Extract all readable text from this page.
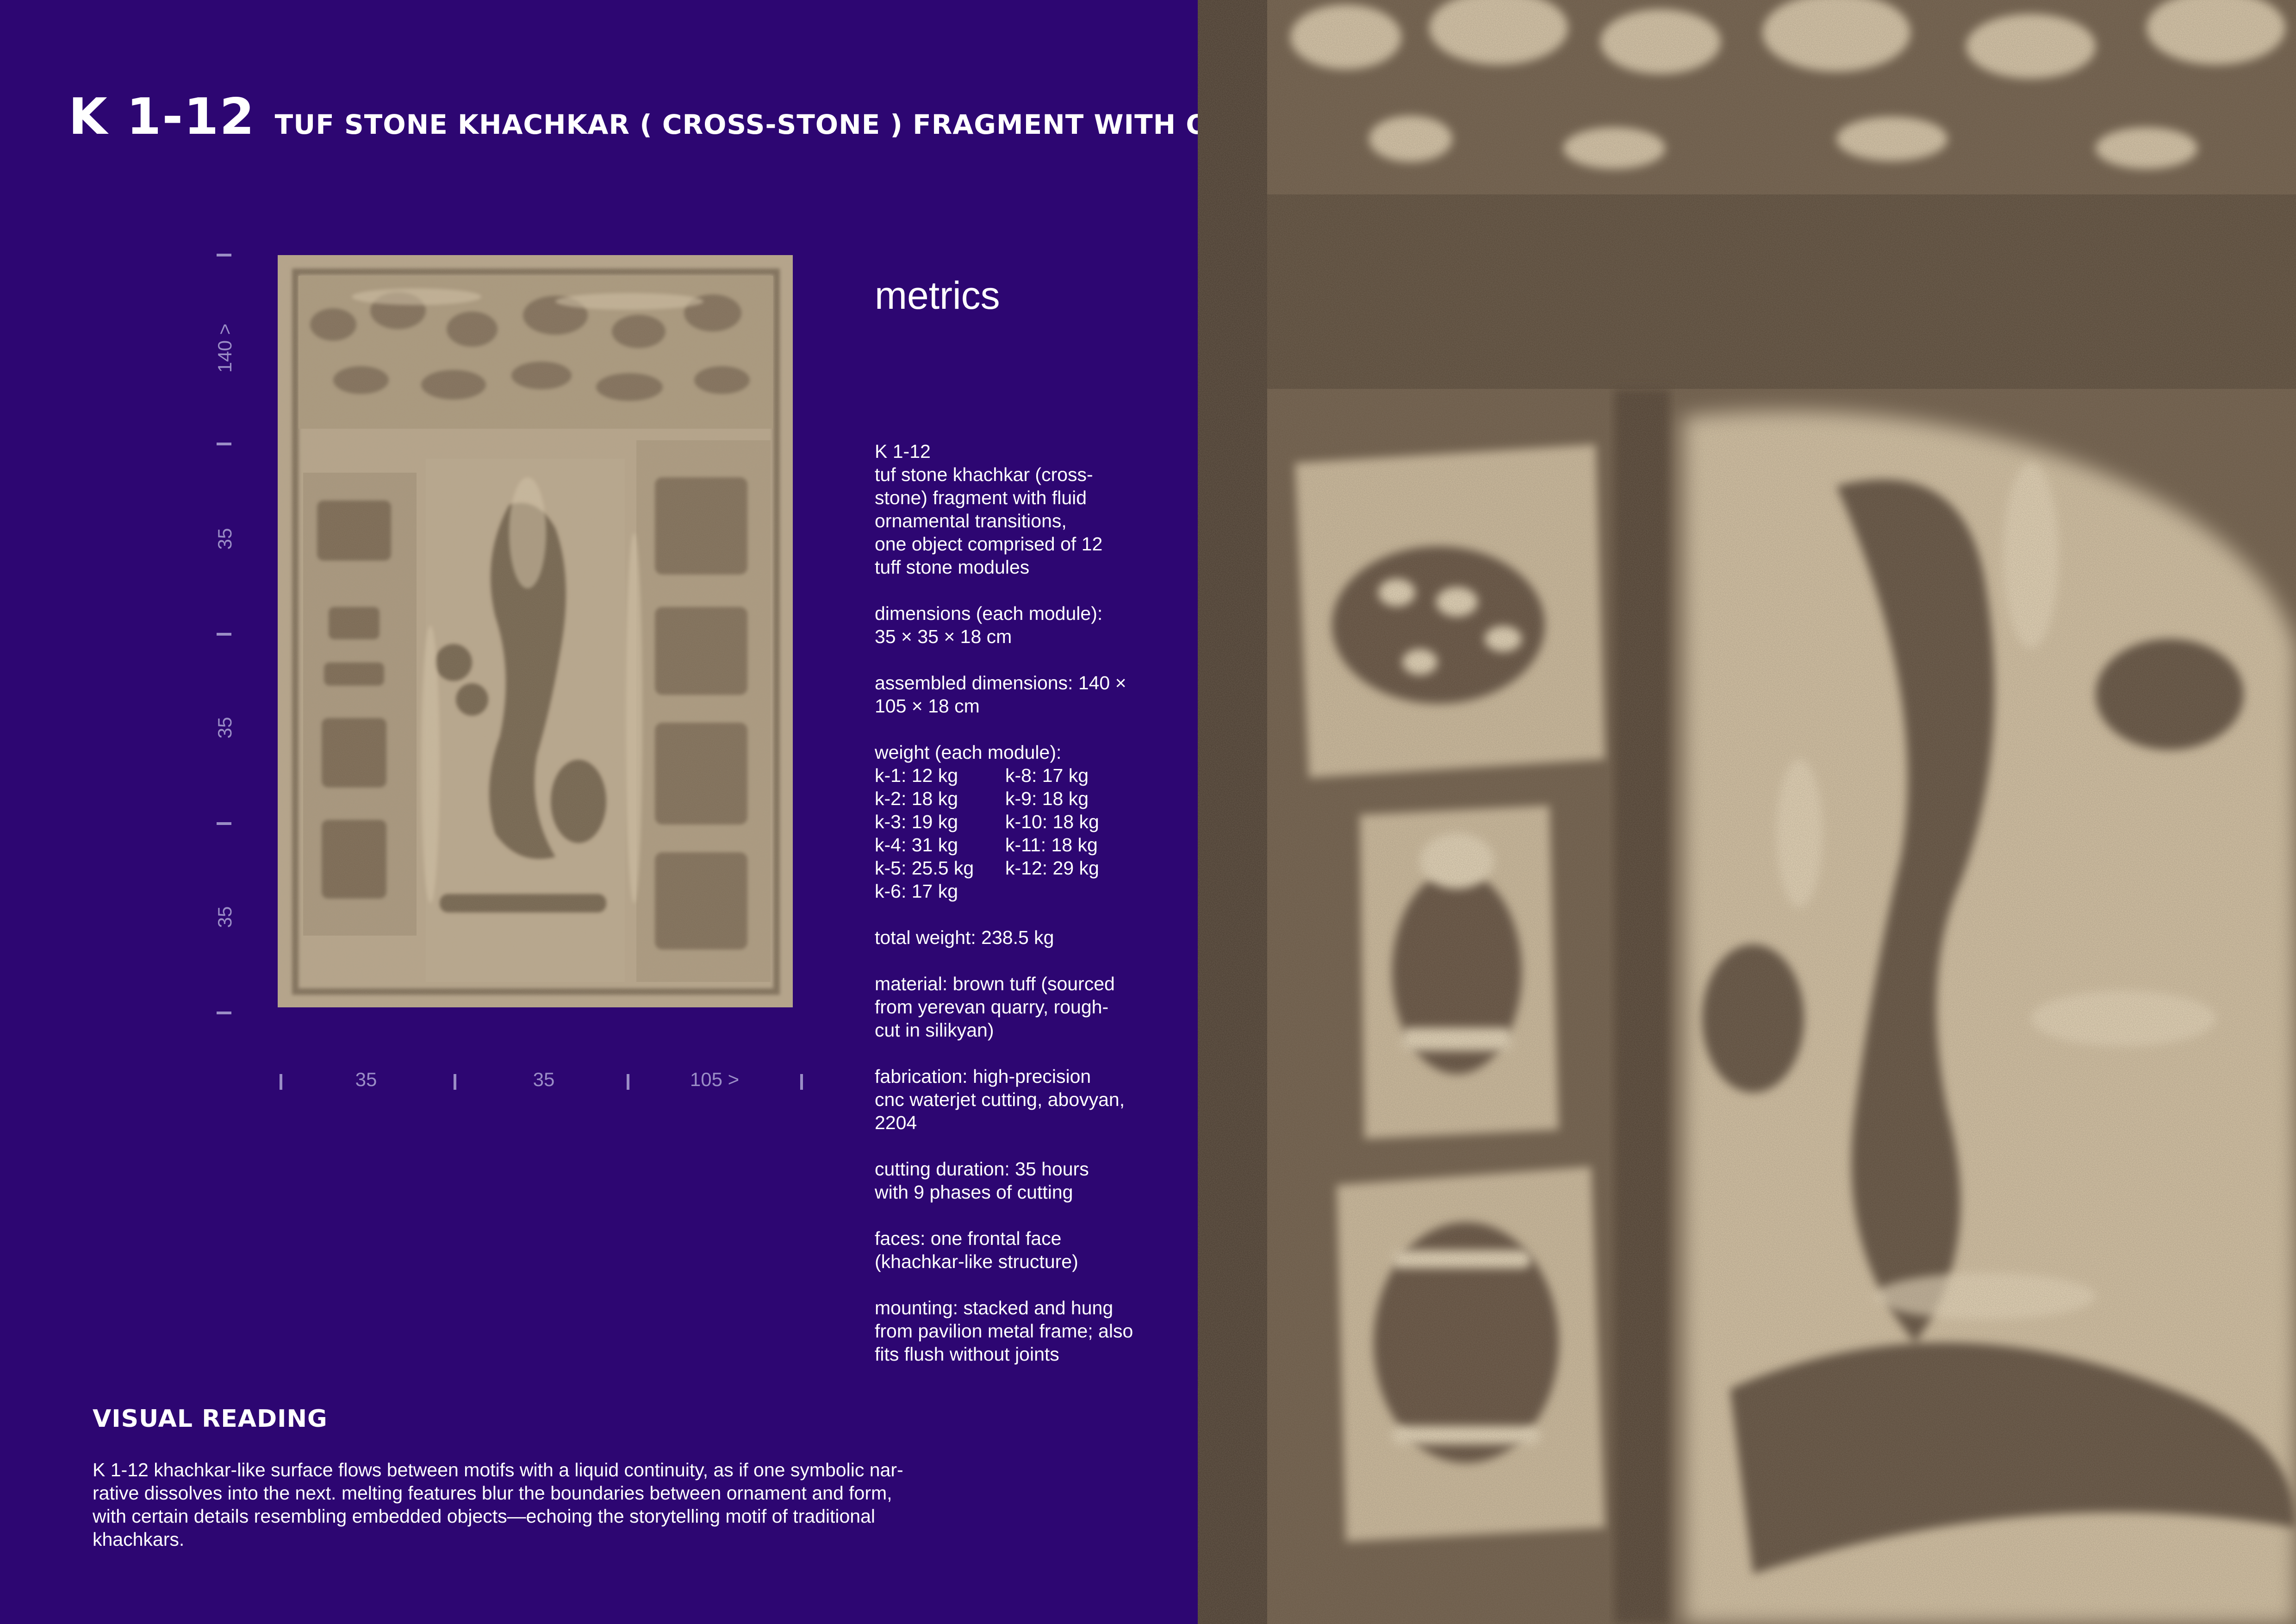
K 1-12 TUF STONE KHACHKAR ( CROSS-STONE ) FRAGMENT WITH ORNAMENTS
140 >
35
35
35
35	35	105 >
metrics

K 1-12
tuf stone khachkar (cross-
stone) fragment with fluid
ornamental transitions,
one object comprised of 12
tuff stone modules

dimensions (each module):
35 × 35 × 18 cm

assembled dimensions: 140 ×
105 × 18 cm

weight (each module):
k-1: 12 kg
k-2: 18 kg
k-3: 19 kg
k-4: 31 kg
k-5: 25.5 kg
k-6: 17 kg
k-8: 17 kg
k-9: 18 kg
k-10: 18 kg
k-11: 18 kg
k-12: 29 kg

total weight: 238.5 kg

material: brown tuff (sourced
from yerevan quarry, rough-
cut in silikyan)

fabrication: high-precision
cnc waterjet cutting, abovyan,
2204

cutting duration: 35 hours
with 9 phases of cutting

faces: one frontal face
(khachkar-like structure)

mounting: stacked and hung
from pavilion metal frame; also
fits flush without joints

VISUAL READING
K 1-12 khachkar-like surface flows between motifs with a liquid continuity, as if one symbolic nar-
rative dissolves into the next. melting features blur the boundaries between ornament and form,
with certain details resembling embedded objects—echoing the storytelling motif of traditional
khachkars.
